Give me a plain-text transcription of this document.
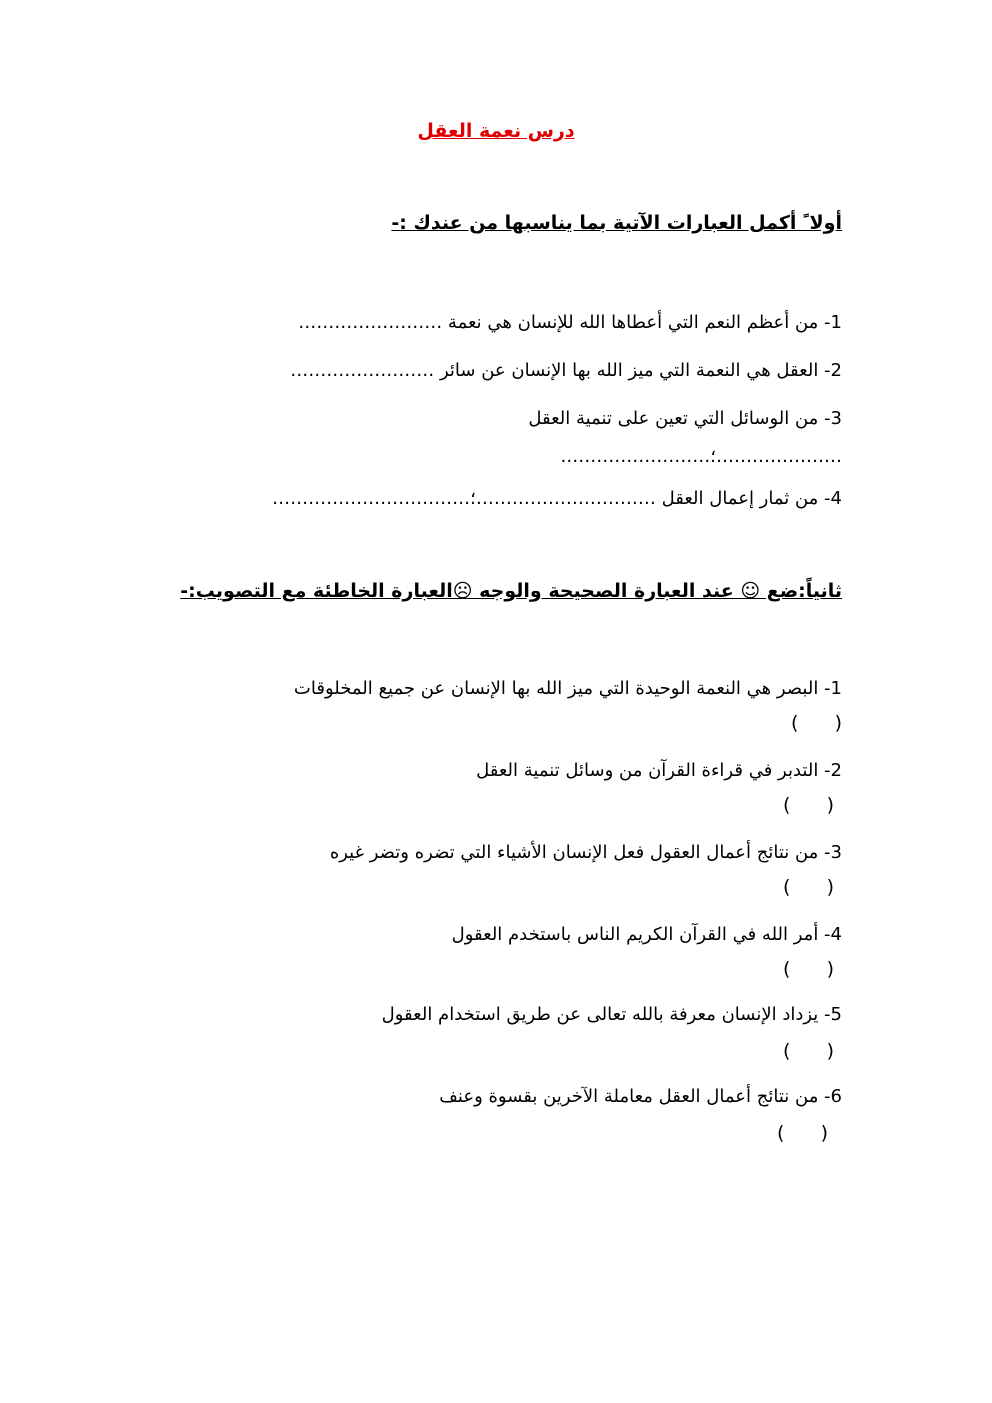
درس نعمة العقل
أولا ً أكمل العبارات الآتية بما يناسبها من عندك :-
1- من أعظم النعم التي أعطاها الله للإنسان هي نعمة ……………………
2- العقل هي النعمة التي ميز الله بها الإنسان عن سائر ……………………
3- من الوسائل التي تعين على تنمية العقل
…………………؛…………………….
4- من ثمار إعمال العقل …………………………؛……………………………
ثانياً:ضع ☺ عند العبارة الصحيحة والوجه ☹العبارة الخاطئة مع التصويب:-
1- البصر هي النعمة الوحيدة التي ميز الله بها الإنسان عن جميع المخلوقات
(      )
2- التدبر في قراءة القرآن من وسائل تنمية العقل
(      )
3- من نتائج أعمال العقول فعل الإنسان الأشياء التي تضره وتضر غيره
(      )
4- أمر الله في القرآن الكريم الناس باستخدم العقول
(      )
5- يزداد الإنسان معرفة بالله تعالى عن طريق استخدام العقول
(      )
6- من نتائج أعمال العقل معاملة الآخرين بقسوة وعنف
(      )
